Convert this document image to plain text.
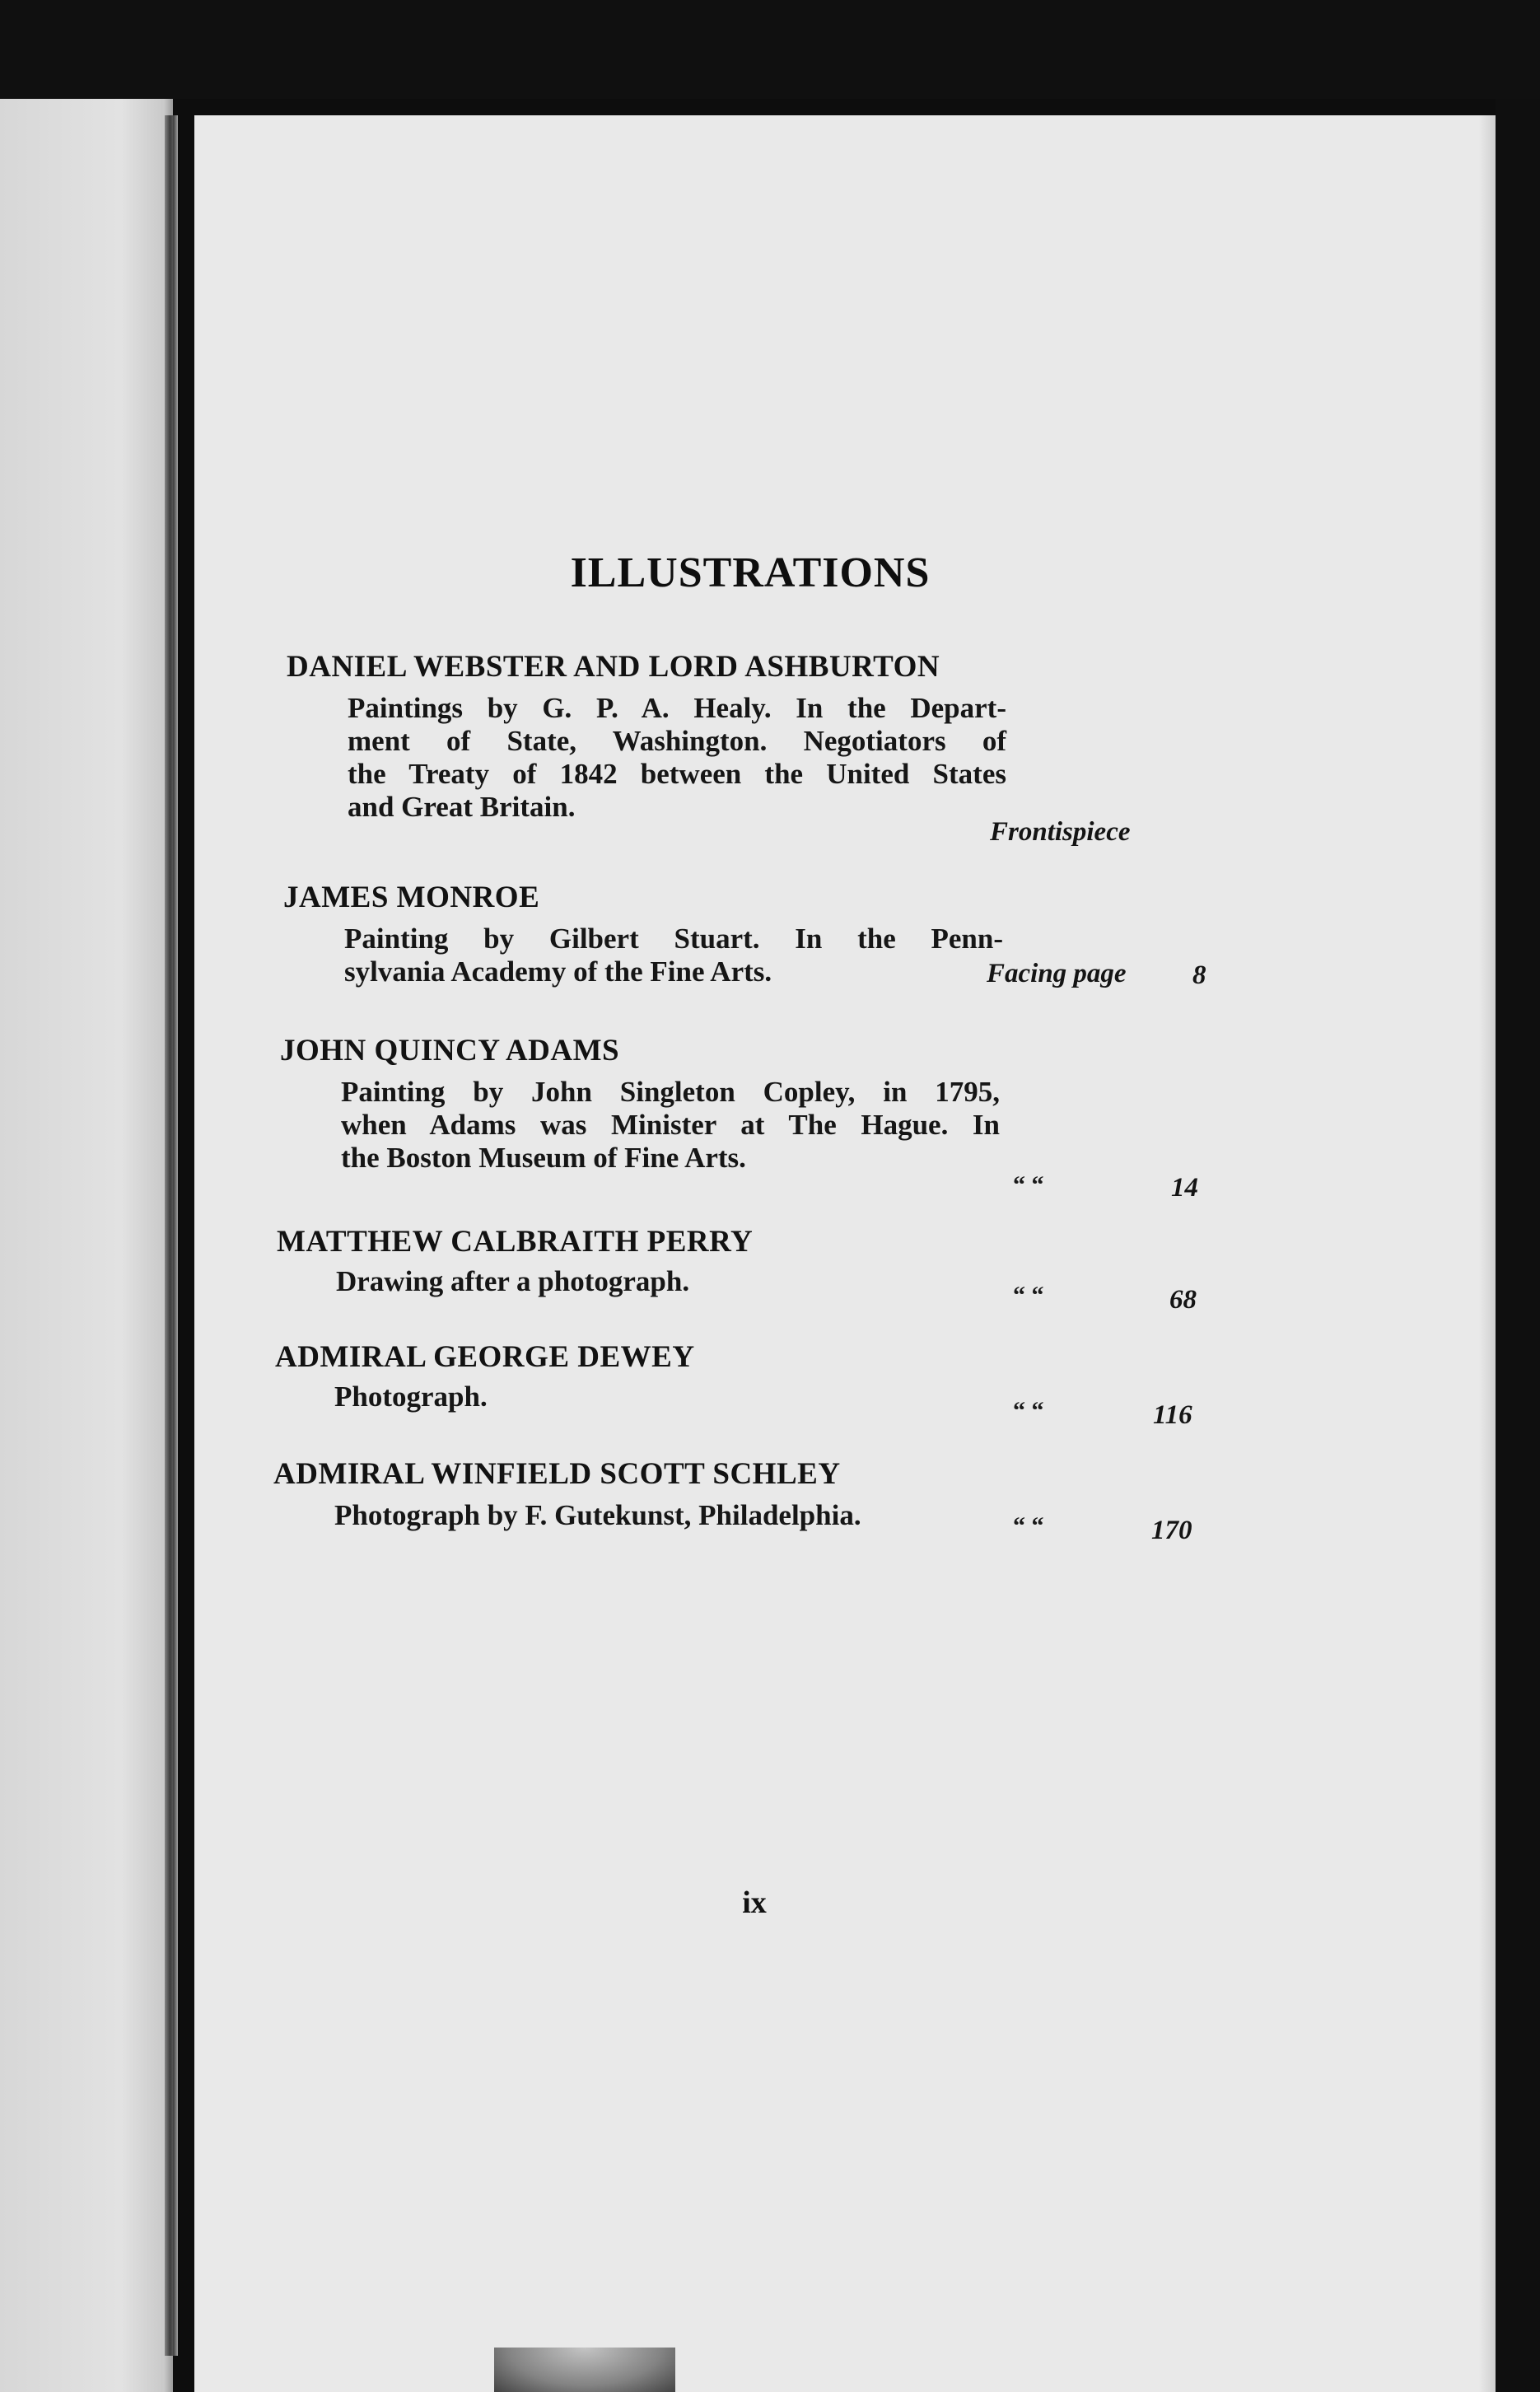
ILLUSTRATIONS
DANIEL WEBSTER AND LORD ASHBURTON
Paintings by G. P. A. Healy. In the Depart-
ment of State, Washington. Negotiators of
the Treaty of 1842 between the United States
and Great Britain.
Frontispiece
JAMES MONROE
Painting by Gilbert Stuart. In the Penn-
sylvania Academy of the Fine Arts.	Facing page 8
JOHN QUINCY ADAMS
Painting by John Singleton Copley, in 1795,
when Adams was Minister at The Hague. In
the Boston Museum of Fine Arts.
“ “	14
MATTHEW CALBRAITH PERRY
Drawing after a photograph.	“ “	68
ADMIRAL GEORGE DEWEY
Photograph.	“ “	116
ADMIRAL WINFIELD SCOTT SCHLEY
Photograph by F. Gutekunst, Philadelphia.	“ “	170
ix
